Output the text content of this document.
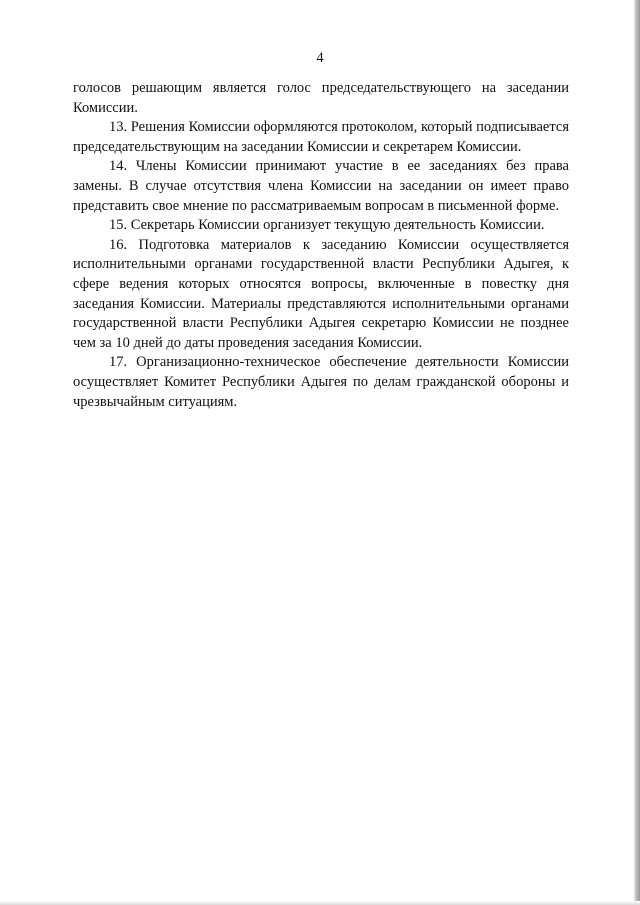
4

голосов решающим является голос председательствующего на заседании Комиссии.

13. Решения Комиссии оформляются протоколом, который подписывается председательствующим на заседании Комиссии и секретарем Комиссии.

14. Члены Комиссии принимают участие в ее заседаниях без права замены. В случае отсутствия члена Комиссии на заседании он имеет право представить свое мнение по рассматриваемым вопросам в письменной форме.

15. Секретарь Комиссии организует текущую деятельность Комиссии.

16. Подготовка материалов к заседанию Комиссии осуществляется исполнительными органами государственной власти Республики Адыгея, к сфере ведения которых относятся вопросы, включенные в повестку дня заседания Комиссии. Материалы представляются исполнительными органами государственной власти Республики Адыгея секретарю Комиссии не позднее чем за 10 дней до даты проведения заседания Комиссии.

17. Организационно-техническое обеспечение деятельности Комиссии осуществляет Комитет Республики Адыгея по делам гражданской обороны и чрезвычайным ситуациям.
